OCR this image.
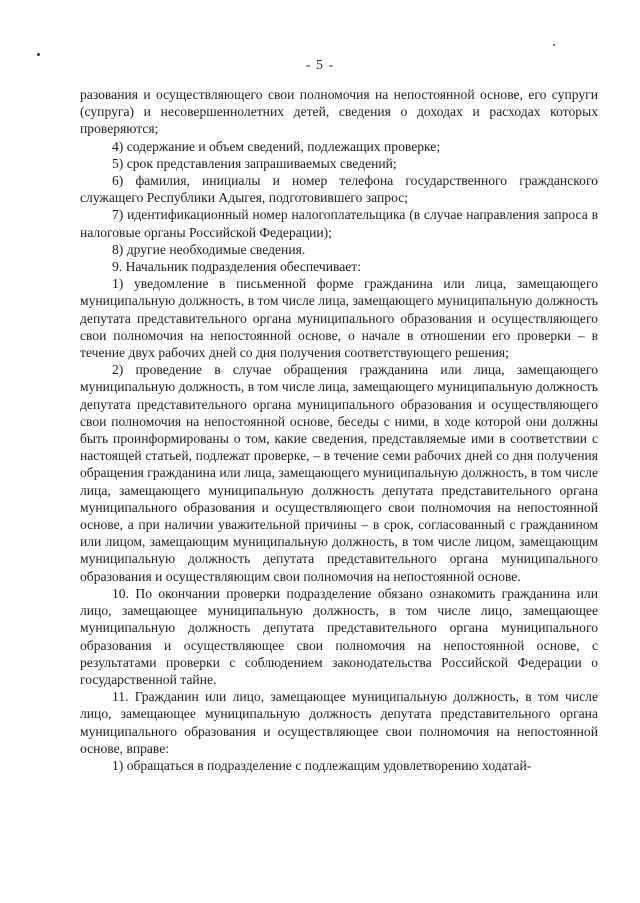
- 5 -

разования и осуществляющего свои полномочия на непостоянной основе, его супруги (супруга) и несовершеннолетних детей, сведения о доходах и расходах которых проверяются;

4) содержание и объем сведений, подлежащих проверке;

5) срок представления запрашиваемых сведений;

6) фамилия, инициалы и номер телефона государственного гражданского служащего Республики Адыгея, подготовившего запрос;

7) идентификационный номер налогоплательщика (в случае направления запроса в налоговые органы Российской Федерации);

8) другие необходимые сведения.

9. Начальник подразделения обеспечивает:

1) уведомление в письменной форме гражданина или лица, замещающего муниципальную должность, в том числе лица, замещающего муниципальную должность депутата представительного органа муниципального образования и осуществляющего свои полномочия на непостоянной основе, о начале в отношении его проверки – в течение двух рабочих дней со дня получения соответствующего решения;

2) проведение в случае обращения гражданина или лица, замещающего муниципальную должность, в том числе лица, замещающего муниципальную должность депутата представительного органа муниципального образования и осуществляющего свои полномочия на непостоянной основе, беседы с ними, в ходе которой они должны быть проинформированы о том, какие сведения, представляемые ими в соответствии с настоящей статьей, подлежат проверке, – в течение семи рабочих дней со дня получения обращения гражданина или лица, замещающего муниципальную должность, в том числе лица, замещающего муниципальную должность депутата представительного органа муниципального образования и осуществляющего свои полномочия на непостоянной основе, а при наличии уважительной причины – в срок, согласованный с гражданином или лицом, замещающим муниципальную должность, в том числе лицом, замещающим муниципальную должность депутата представительного органа муниципального образования и осуществляющим свои полномочия на непостоянной основе.

10. По окончании проверки подразделение обязано ознакомить гражданина или лицо, замещающее муниципальную должность, в том числе лицо, замещающее муниципальную должность депутата представительного органа муниципального образования и осуществляющее свои полномочия на непостоянной основе, с результатами проверки с соблюдением законодательства Российской Федерации о государственной тайне.

11. Гражданин или лицо, замещающее муниципальную должность, в том числе лицо, замещающее муниципальную должность депутата представительного органа муниципального образования и осуществляющее свои полномочия на непостоянной основе, вправе:

1) обращаться в подразделение с подлежащим удовлетворению ходатай-
